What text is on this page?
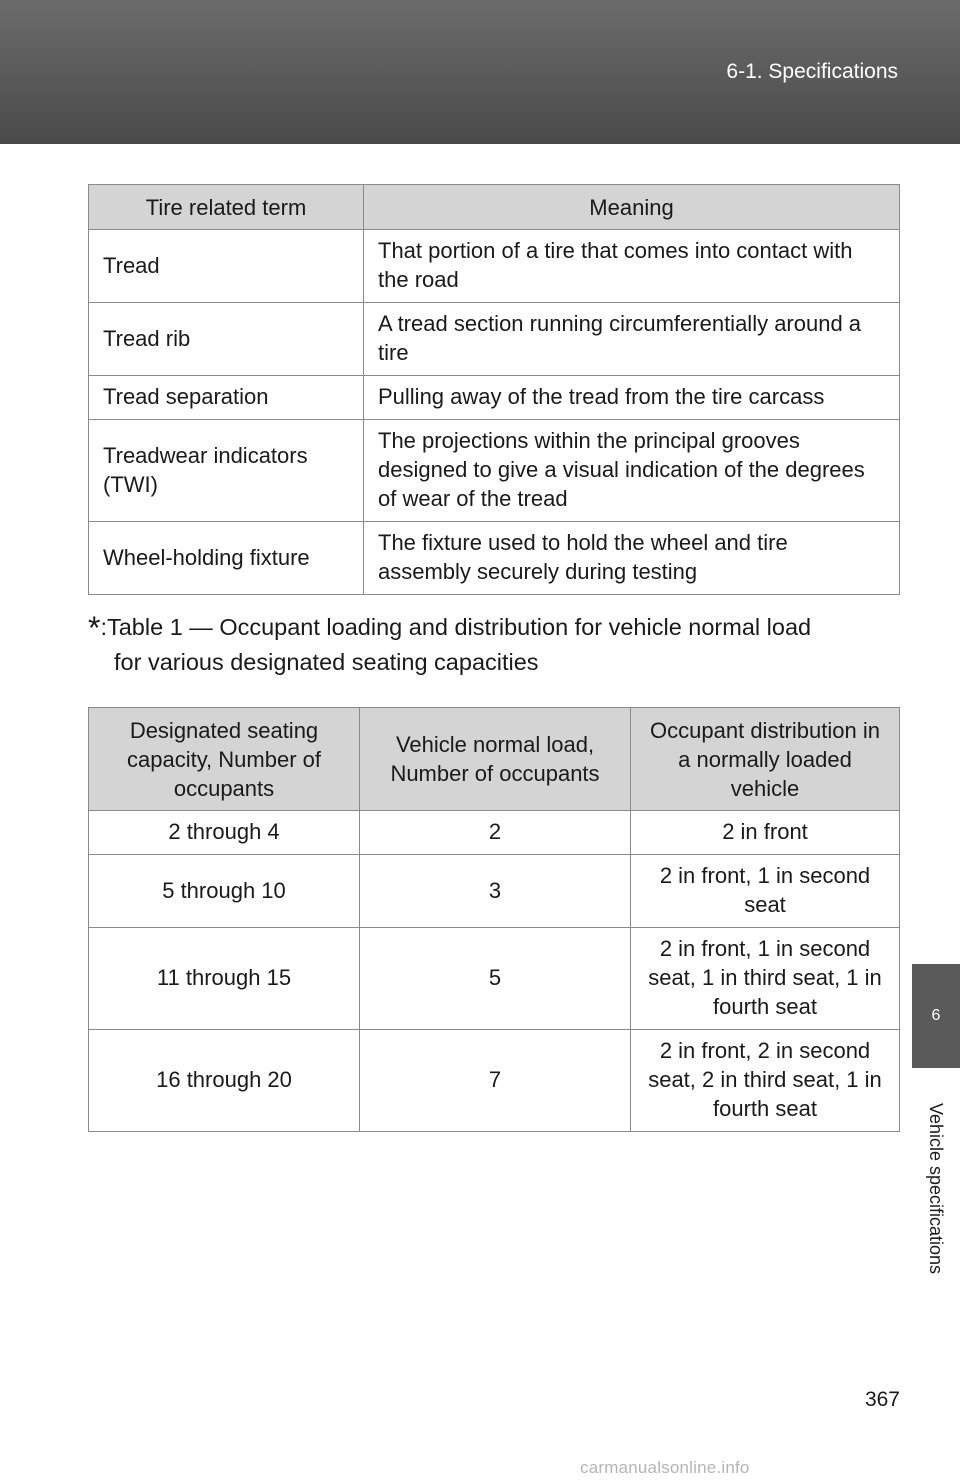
6-1. Specifications
6
Vehicle specifications
Tire related term	Meaning
Tread	That portion of a tire that comes into contact with the road
Tread rib	A tread section running circumferentially around a tire
Tread separation	Pulling away of the tread from the tire carcass
Treadwear indicators (TWI)	The projections within the principal grooves designed to give a visual indication of the degrees of wear of the tread
Wheel-holding fixture	The fixture used to hold the wheel and tire assembly securely during testing
*:Table 1 — Occupant loading and distribution for vehicle normal load
for various designated seating capacities
Designated seating capacity, Number of occupants	Vehicle normal load, Number of occupants	Occupant distribution in a normally loaded vehicle
2 through 4	2	2 in front
5 through 10	3	2 in front, 1 in second seat
11 through 15	5	2 in front, 1 in second seat, 1 in third seat, 1 in fourth seat
16 through 20	7	2 in front, 2 in second seat, 2 in third seat, 1 in fourth seat
367
carmanualsonline.info
